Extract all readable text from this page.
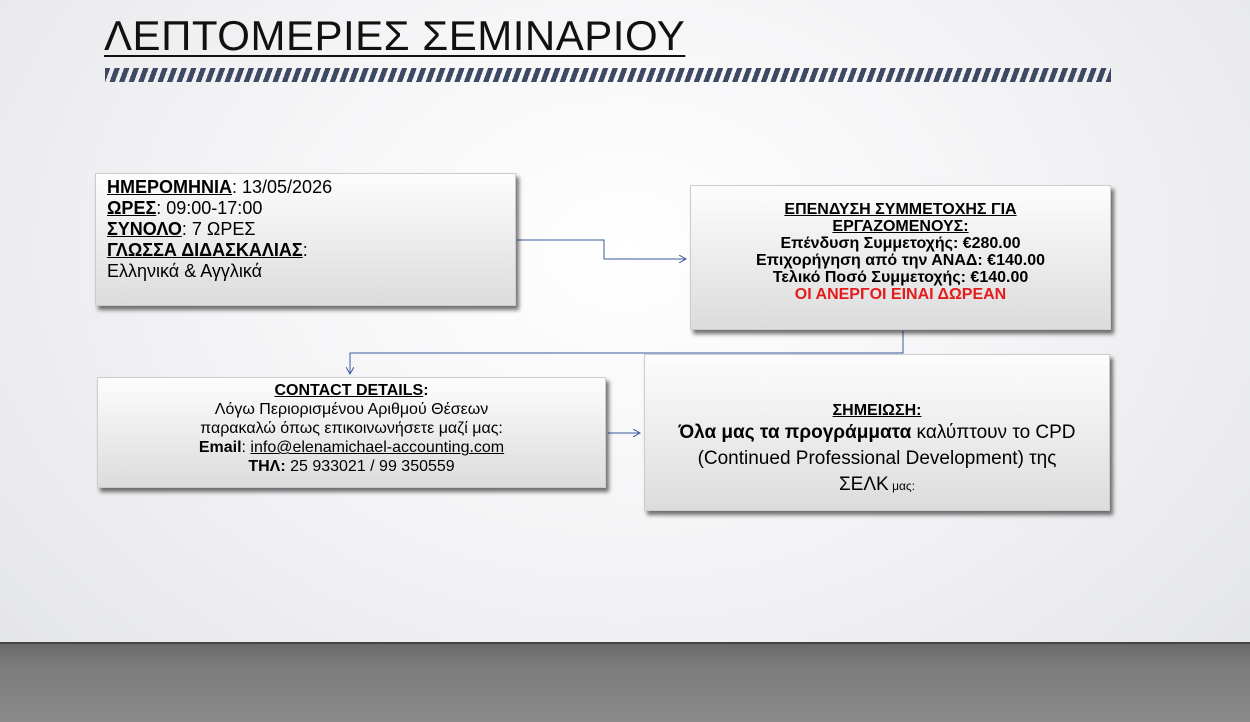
ΛΕΠΤΟΜΕΡΙΕΣ ΣΕΜΙΝΑΡΙΟΥ
ΗΜΕΡΟΜΗΝΙΑ: 13/05/2026
ΩΡΕΣ: 09:00-17:00
ΣΥΝΟΛΟ: 7 ΩΡΕΣ
ΓΛΩΣΣΑ ΔΙΔΑΣΚΑΛΙΑΣ:
Ελληνικά & Αγγλικά
ΕΠΕΝΔΥΣΗ ΣΥΜΜΕΤΟΧΗΣ ΓΙΑ
ΕΡΓΑΖΟΜΕΝΟΥΣ:
Επένδυση Συμμετοχής: €280.00
Επιχορήγηση από την ΑΝΑΔ: €140.00
Τελικό Ποσό Συμμετοχής: €140.00
ΟΙ ΑΝΕΡΓΟΙ ΕΙΝΑΙ ΔΩΡΕΑΝ
CONTACT DETAILS:
Λόγω Περιορισμένου Αριθμού Θέσεων
παρακαλώ όπως επικοινωνήσετε μαζί μας:
Email: info@elenamichael-accounting.com
ΤΗΛ: 25 933021 / 99 350559
ΣΗΜΕΙΩΣΗ:
Όλα μας τα προγράμματα καλύπτουν το CPD
(Continued Professional Development) της
ΣΕΛΚ μας:
